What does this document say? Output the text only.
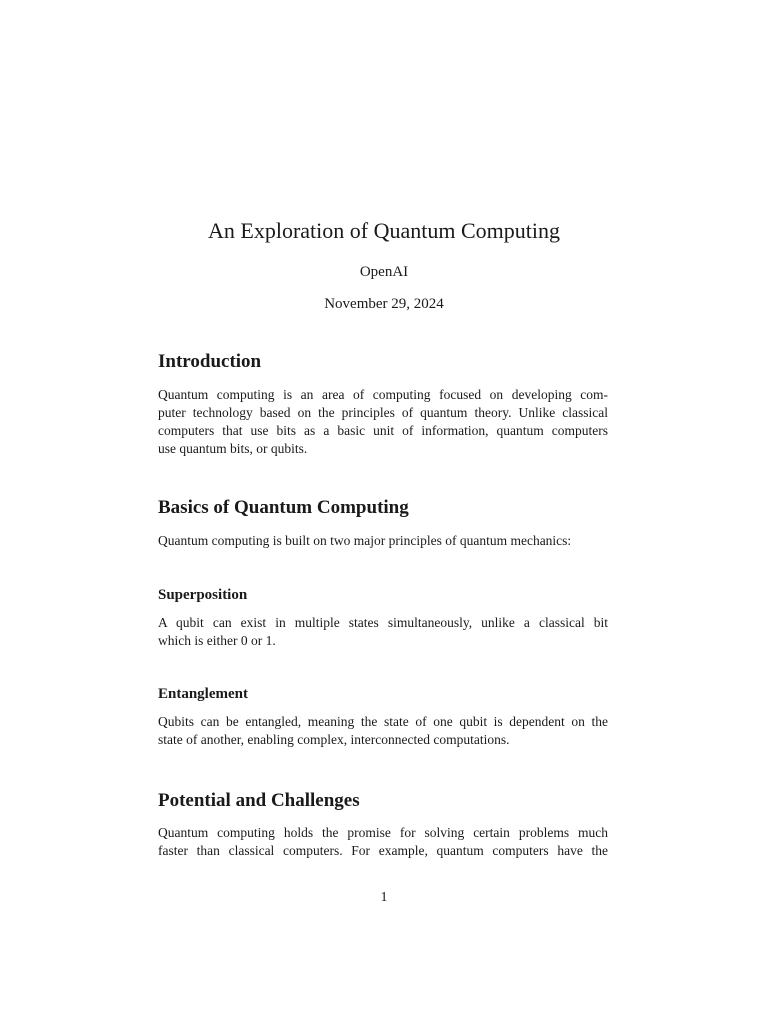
An Exploration of Quantum Computing
OpenAI
November 29, 2024
Introduction
Quantum computing is an area of computing focused on developing com-
puter technology based on the principles of quantum theory. Unlike classical
computers that use bits as a basic unit of information, quantum computers
use quantum bits, or qubits.
Basics of Quantum Computing
Quantum computing is built on two major principles of quantum mechanics:
Superposition
A qubit can exist in multiple states simultaneously, unlike a classical bit
which is either 0 or 1.
Entanglement
Qubits can be entangled, meaning the state of one qubit is dependent on the
state of another, enabling complex, interconnected computations.
Potential and Challenges
Quantum computing holds the promise for solving certain problems much
faster than classical computers. For example, quantum computers have the
1
